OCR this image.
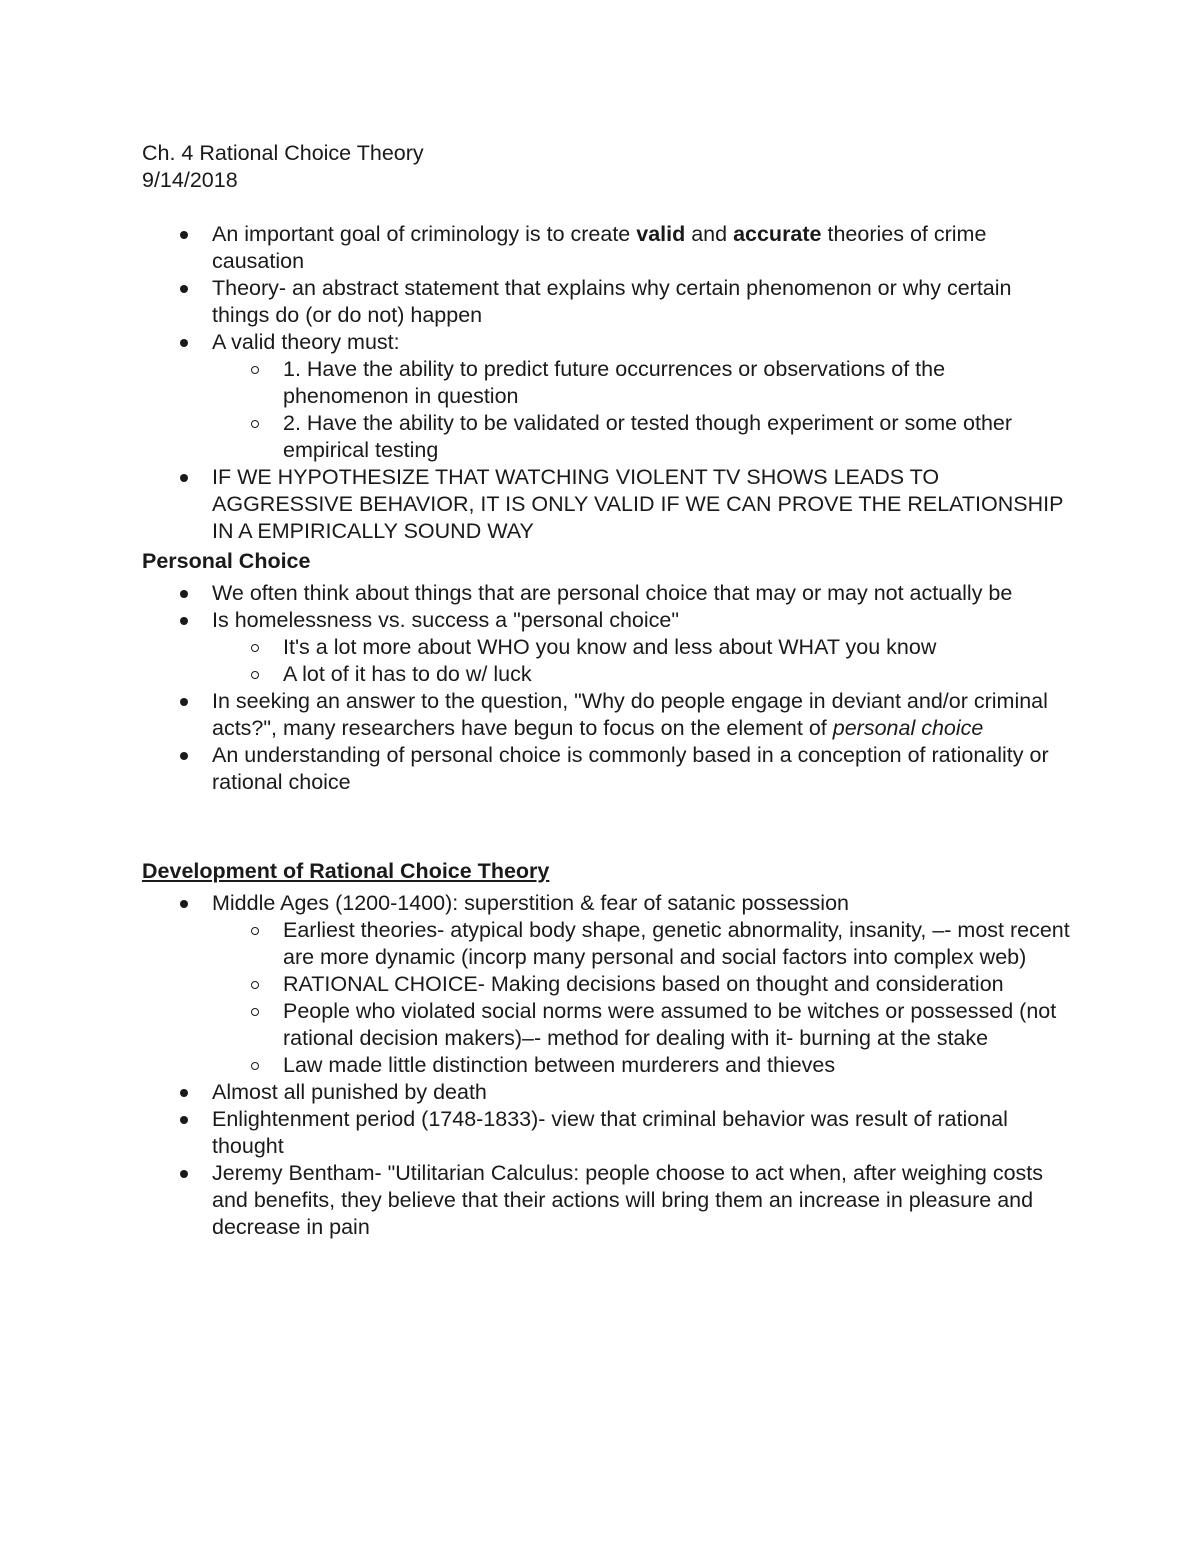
Ch. 4 Rational Choice Theory

9/14/2018

An important goal of criminology is to create valid and accurate theories of crime causation
Theory- an abstract statement that explains why certain phenomenon or why certain things do (or do not) happen
A valid theory must:
1. Have the ability to predict future occurrences or observations of the phenomenon in question
2. Have the ability to be validated or tested though experiment or some other empirical testing
IF WE HYPOTHESIZE THAT WATCHING VIOLENT TV SHOWS LEADS TO AGGRESSIVE BEHAVIOR, IT IS ONLY VALID IF WE CAN PROVE THE RELATIONSHIP IN A EMPIRICALLY SOUND WAY

Personal Choice

We often think about things that are personal choice that may or may not actually be
Is homelessness vs. success a "personal choice"
It's a lot more about WHO you know and less about WHAT you know
A lot of it has to do w/ luck
In seeking an answer to the question, "Why do people engage in deviant and/or criminal acts?", many researchers have begun to focus on the element of personal choice
An understanding of personal choice is commonly based in a conception of rationality or rational choice

Development of Rational Choice Theory

Middle Ages (1200-1400): superstition & fear of satanic possession
Earliest theories- atypical body shape, genetic abnormality, insanity, –- most recent are more dynamic (incorp many personal and social factors into complex web)
RATIONAL CHOICE- Making decisions based on thought and consideration
People who violated social norms were assumed to be witches or possessed (not rational decision makers)–- method for dealing with it- burning at the stake
Law made little distinction between murderers and thieves
Almost all punished by death
Enlightenment period (1748-1833)- view that criminal behavior was result of rational thought
Jeremy Bentham- "Utilitarian Calculus: people choose to act when, after weighing costs and benefits, they believe that their actions will bring them an increase in pleasure and decrease in pain
